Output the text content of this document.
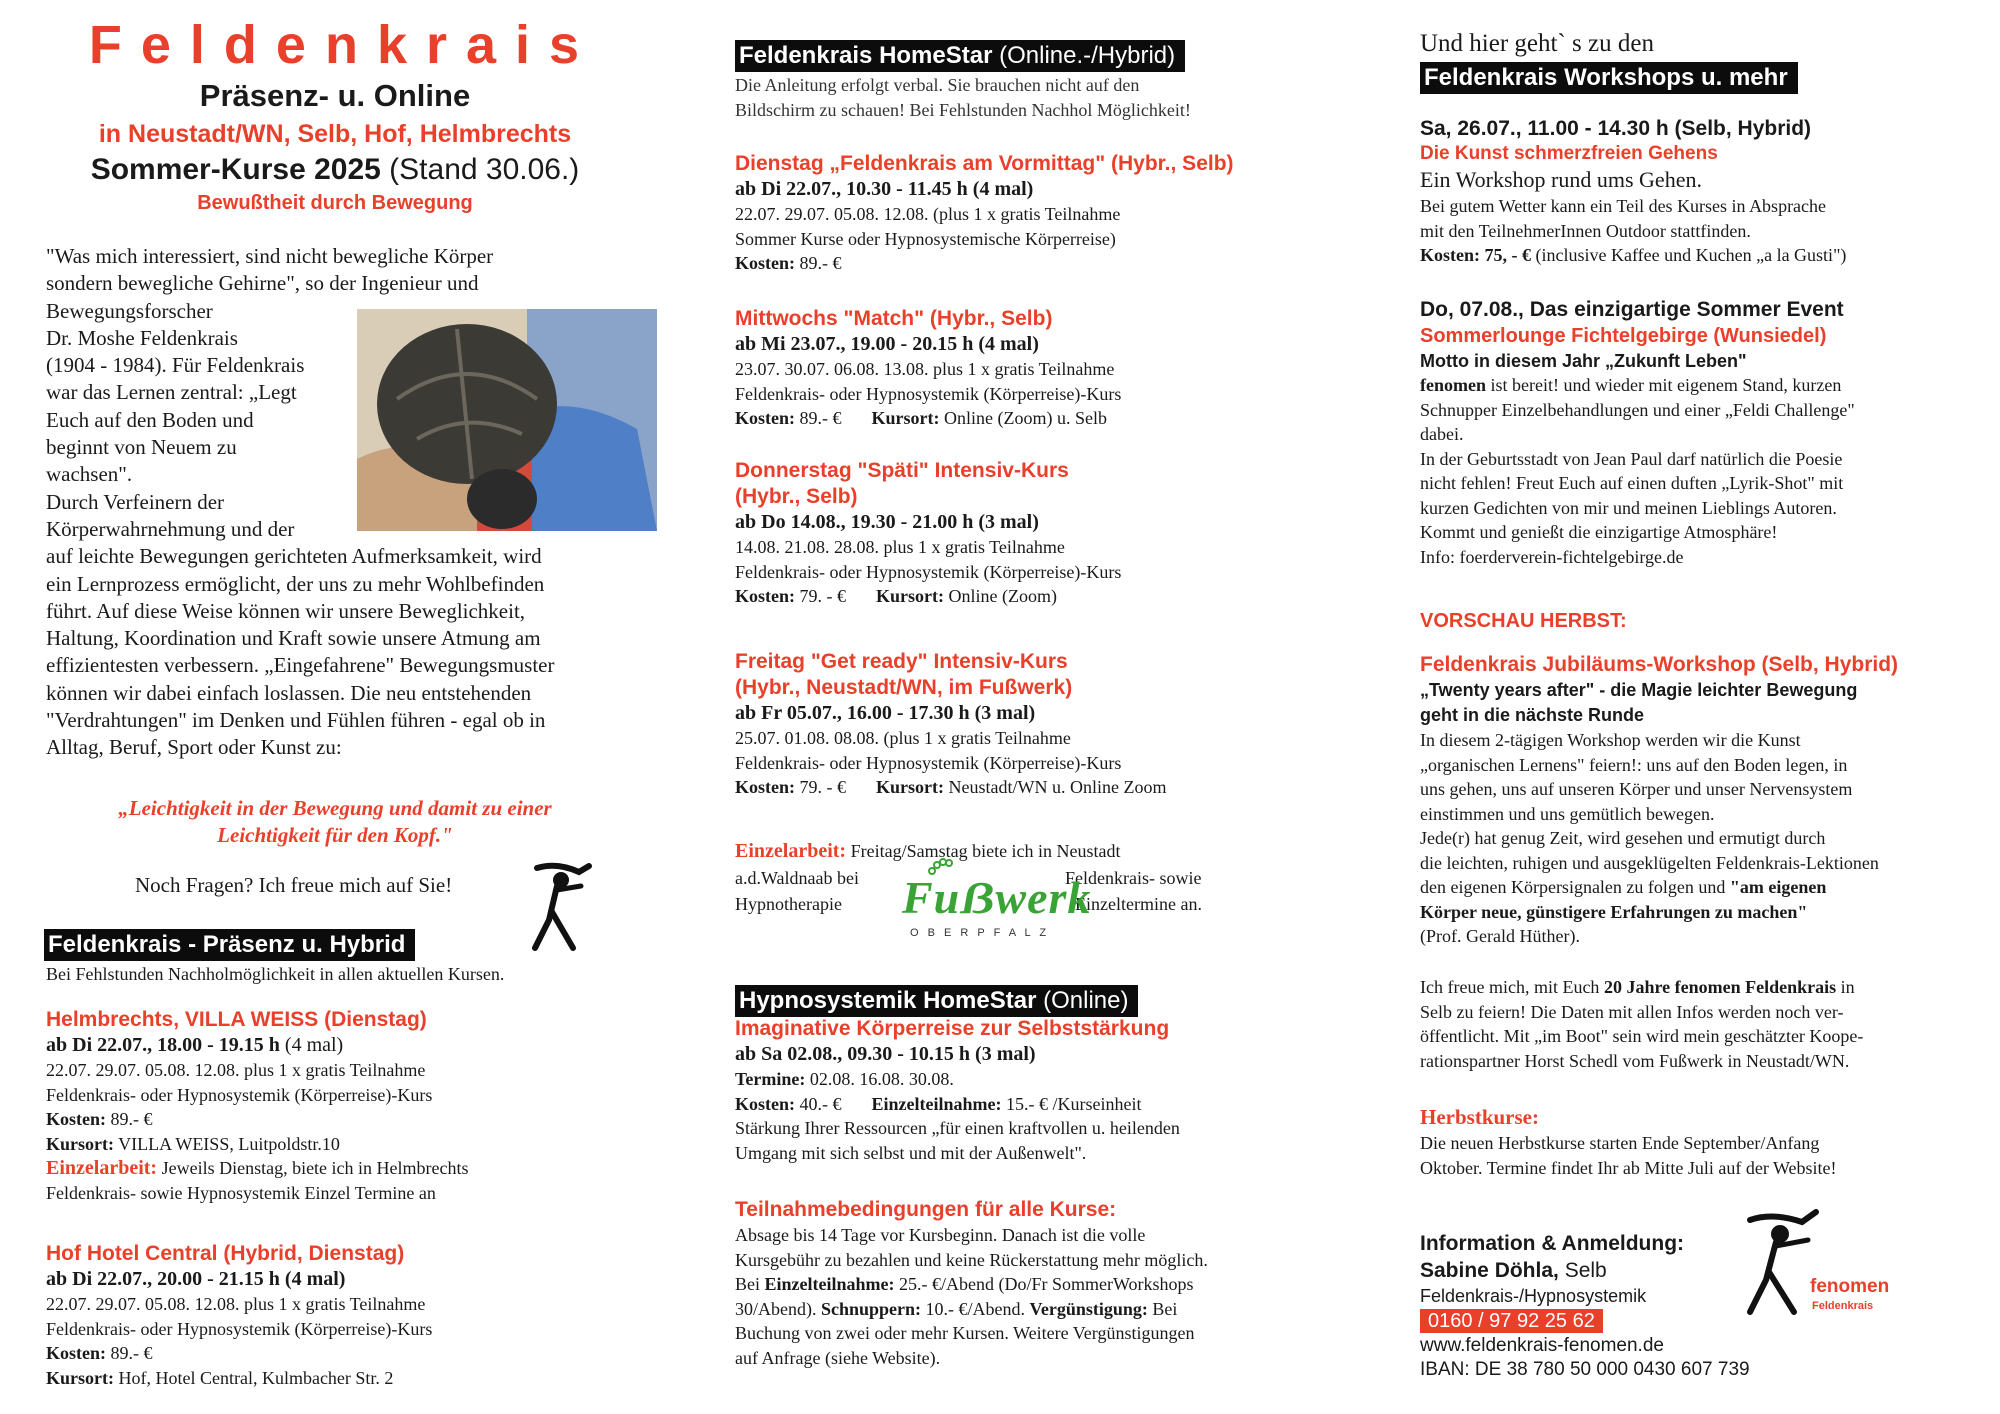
F e l d e n k r a i s
Präsenz- u. Online
in Neustadt/WN, Selb, Hof, Helmbrechts
Sommer-Kurse 2025 (Stand 30.06.)
Bewußtheit durch Bewegung
"Was mich interessiert, sind nicht bewegliche Körper
sondern bewegliche Gehirne", so der Ingenieur und
Bewegungsforscher
Dr. Moshe Feldenkrais
(1904 - 1984). Für Feldenkrais
war das Lernen zentral: „Legt
Euch auf den Boden und
beginnt von Neuem zu
wachsen".
Durch Verfeinern der
Körperwahrnehmung und der
auf leichte Bewegungen gerichteten Aufmerksamkeit, wird
ein Lernprozess ermöglicht, der uns zu mehr Wohlbefinden
führt. Auf diese Weise können wir unsere Beweglichkeit,
Haltung, Koordination und Kraft sowie unsere Atmung am
effizientesten verbessern. „Eingefahrene" Bewegungsmuster
können wir dabei einfach loslassen. Die neu entstehenden
"Verdrahtungen" im Denken und Fühlen führen - egal ob in
Alltag, Beruf, Sport oder Kunst zu:
„Leichtigkeit in der Bewegung und damit zu einer
Leichtigkeit für den Kopf."
Noch Fragen? Ich freue mich auf Sie!
Feldenkrais - Präsenz u. Hybrid
Bei Fehlstunden Nachholmöglichkeit in allen aktuellen Kursen.
Helmbrechts, VILLA WEISS (Dienstag)
ab Di 22.07., 18.00 - 19.15 h (4 mal)
22.07. 29.07. 05.08. 12.08. plus 1 x gratis Teilnahme
Feldenkrais- oder Hypnosystemik (Körperreise)-Kurs
Kosten: 89.- €
Kursort: VILLA WEISS, Luitpoldstr.10
Einzelarbeit: Jeweils Dienstag, biete ich in Helmbrechts
Feldenkrais- sowie Hypnosystemik Einzel Termine an
Hof Hotel Central (Hybrid, Dienstag)
ab Di 22.07., 20.00 - 21.15 h (4 mal)
22.07. 29.07. 05.08. 12.08. plus 1 x gratis Teilnahme
Feldenkrais- oder Hypnosystemik (Körperreise)-Kurs
Kosten: 89.- €
Kursort: Hof, Hotel Central, Kulmbacher Str. 2
Feldenkrais HomeStar (Online.-/Hybrid)
Die Anleitung erfolgt verbal. Sie brauchen nicht auf den
Bildschirm zu schauen! Bei Fehlstunden Nachhol Möglichkeit!
Dienstag „Feldenkrais am Vormittag" (Hybr., Selb)
ab Di 22.07., 10.30 - 11.45 h (4 mal)
22.07. 29.07. 05.08. 12.08. (plus 1 x gratis Teilnahme
Sommer Kurse oder Hypnosystemische Körperreise)
Kosten: 89.- €
Mittwochs "Match" (Hybr., Selb)
ab Mi 23.07., 19.00 - 20.15 h (4 mal)
23.07. 30.07. 06.08. 13.08. plus 1 x gratis Teilnahme
Feldenkrais- oder Hypnosystemik (Körperreise)-Kurs
Kosten: 89.- € Kursort: Online (Zoom) u. Selb
Donnerstag "Späti" Intensiv-Kurs
(Hybr., Selb)
ab Do 14.08., 19.30 - 21.00 h (3 mal)
14.08. 21.08. 28.08. plus 1 x gratis Teilnahme
Feldenkrais- oder Hypnosystemik (Körperreise)-Kurs
Kosten: 79. - € Kursort: Online (Zoom)
Freitag "Get ready" Intensiv-Kurs
(Hybr., Neustadt/WN, im Fußwerk)
ab Fr 05.07., 16.00 - 17.30 h (3 mal)
25.07. 01.08. 08.08. (plus 1 x gratis Teilnahme
Feldenkrais- oder Hypnosystemik (Körperreise)-Kurs
Kosten: 79. - € Kursort: Neustadt/WN u. Online Zoom
Einzelarbeit: Freitag/Samstag biete ich in Neustadt
a.d.Waldnaab bei
Hypnotherapie
Feldenkrais- sowie
Einzeltermine an.
Fuẞwerk
O B E R P F A L Z
Hypnosystemik HomeStar (Online)
Imaginative Körperreise zur Selbststärkung
ab Sa 02.08., 09.30 - 10.15 h (3 mal)
Termine: 02.08. 16.08. 30.08.
Kosten: 40.- € Einzelteilnahme: 15.- € /Kurseinheit
Stärkung Ihrer Ressourcen „für einen kraftvollen u. heilenden
Umgang mit sich selbst und mit der Außenwelt".
Teilnahmebedingungen für alle Kurse:
Absage bis 14 Tage vor Kursbeginn. Danach ist die volle
Kursgebühr zu bezahlen und keine Rückerstattung mehr möglich.
Bei Einzelteilnahme: 25.- €/Abend (Do/Fr SommerWorkshops
30/Abend). Schnuppern: 10.- €/Abend. Vergünstigung: Bei
Buchung von zwei oder mehr Kursen. Weitere Vergünstigungen
auf Anfrage (siehe Website).
Und hier geht` s zu den
Feldenkrais Workshops u. mehr
Sa, 26.07., 11.00 - 14.30 h (Selb, Hybrid)
Die Kunst schmerzfreien Gehens
Ein Workshop rund ums Gehen.
Bei gutem Wetter kann ein Teil des Kurses in Absprache
mit den TeilnehmerInnen Outdoor stattfinden.
Kosten: 75, - € (inclusive Kaffee und Kuchen „a la Gusti")
Do, 07.08., Das einzigartige Sommer Event
Sommerlounge Fichtelgebirge (Wunsiedel)
Motto in diesem Jahr „Zukunft Leben"
fenomen ist bereit! und wieder mit eigenem Stand, kurzen
Schnupper Einzelbehandlungen und einer „Feldi Challenge"
dabei.
In der Geburtsstadt von Jean Paul darf natürlich die Poesie
nicht fehlen! Freut Euch auf einen duften „Lyrik-Shot" mit
kurzen Gedichten von mir und meinen Lieblings Autoren.
Kommt und genießt die einzigartige Atmosphäre!
Info: foerderverein-fichtelgebirge.de
VORSCHAU HERBST:
Feldenkrais Jubiläums-Workshop (Selb, Hybrid)
„Twenty years after" - die Magie leichter Bewegung
geht in die nächste Runde
In diesem 2-tägigen Workshop werden wir die Kunst
„organischen Lernens" feiern!: uns auf den Boden legen, in
uns gehen, uns auf unseren Körper und unser Nervensystem
einstimmen und uns gemütlich bewegen.
Jede(r) hat genug Zeit, wird gesehen und ermutigt durch
die leichten, ruhigen und ausgeklügelten Feldenkrais-Lektionen
den eigenen Körpersignalen zu folgen und "am eigenen
Körper neue, günstigere Erfahrungen zu machen"
(Prof. Gerald Hüther).
Ich freue mich, mit Euch 20 Jahre fenomen Feldenkrais in
Selb zu feiern! Die Daten mit allen Infos werden noch ver-
öffentlicht. Mit „im Boot" sein wird mein geschätzter Koope-
rationspartner Horst Schedl vom Fußwerk in Neustadt/WN.
Herbstkurse:
Die neuen Herbstkurse starten Ende September/Anfang
Oktober. Termine findet Ihr ab Mitte Juli auf der Website!
Information & Anmeldung:
Sabine Döhla, Selb
Feldenkrais-/Hypnosystemik
0160 / 97 92 25 62
www.feldenkrais-fenomen.de
IBAN: DE 38 780 50 000 0430 607 739
fenomen
Feldenkrais
